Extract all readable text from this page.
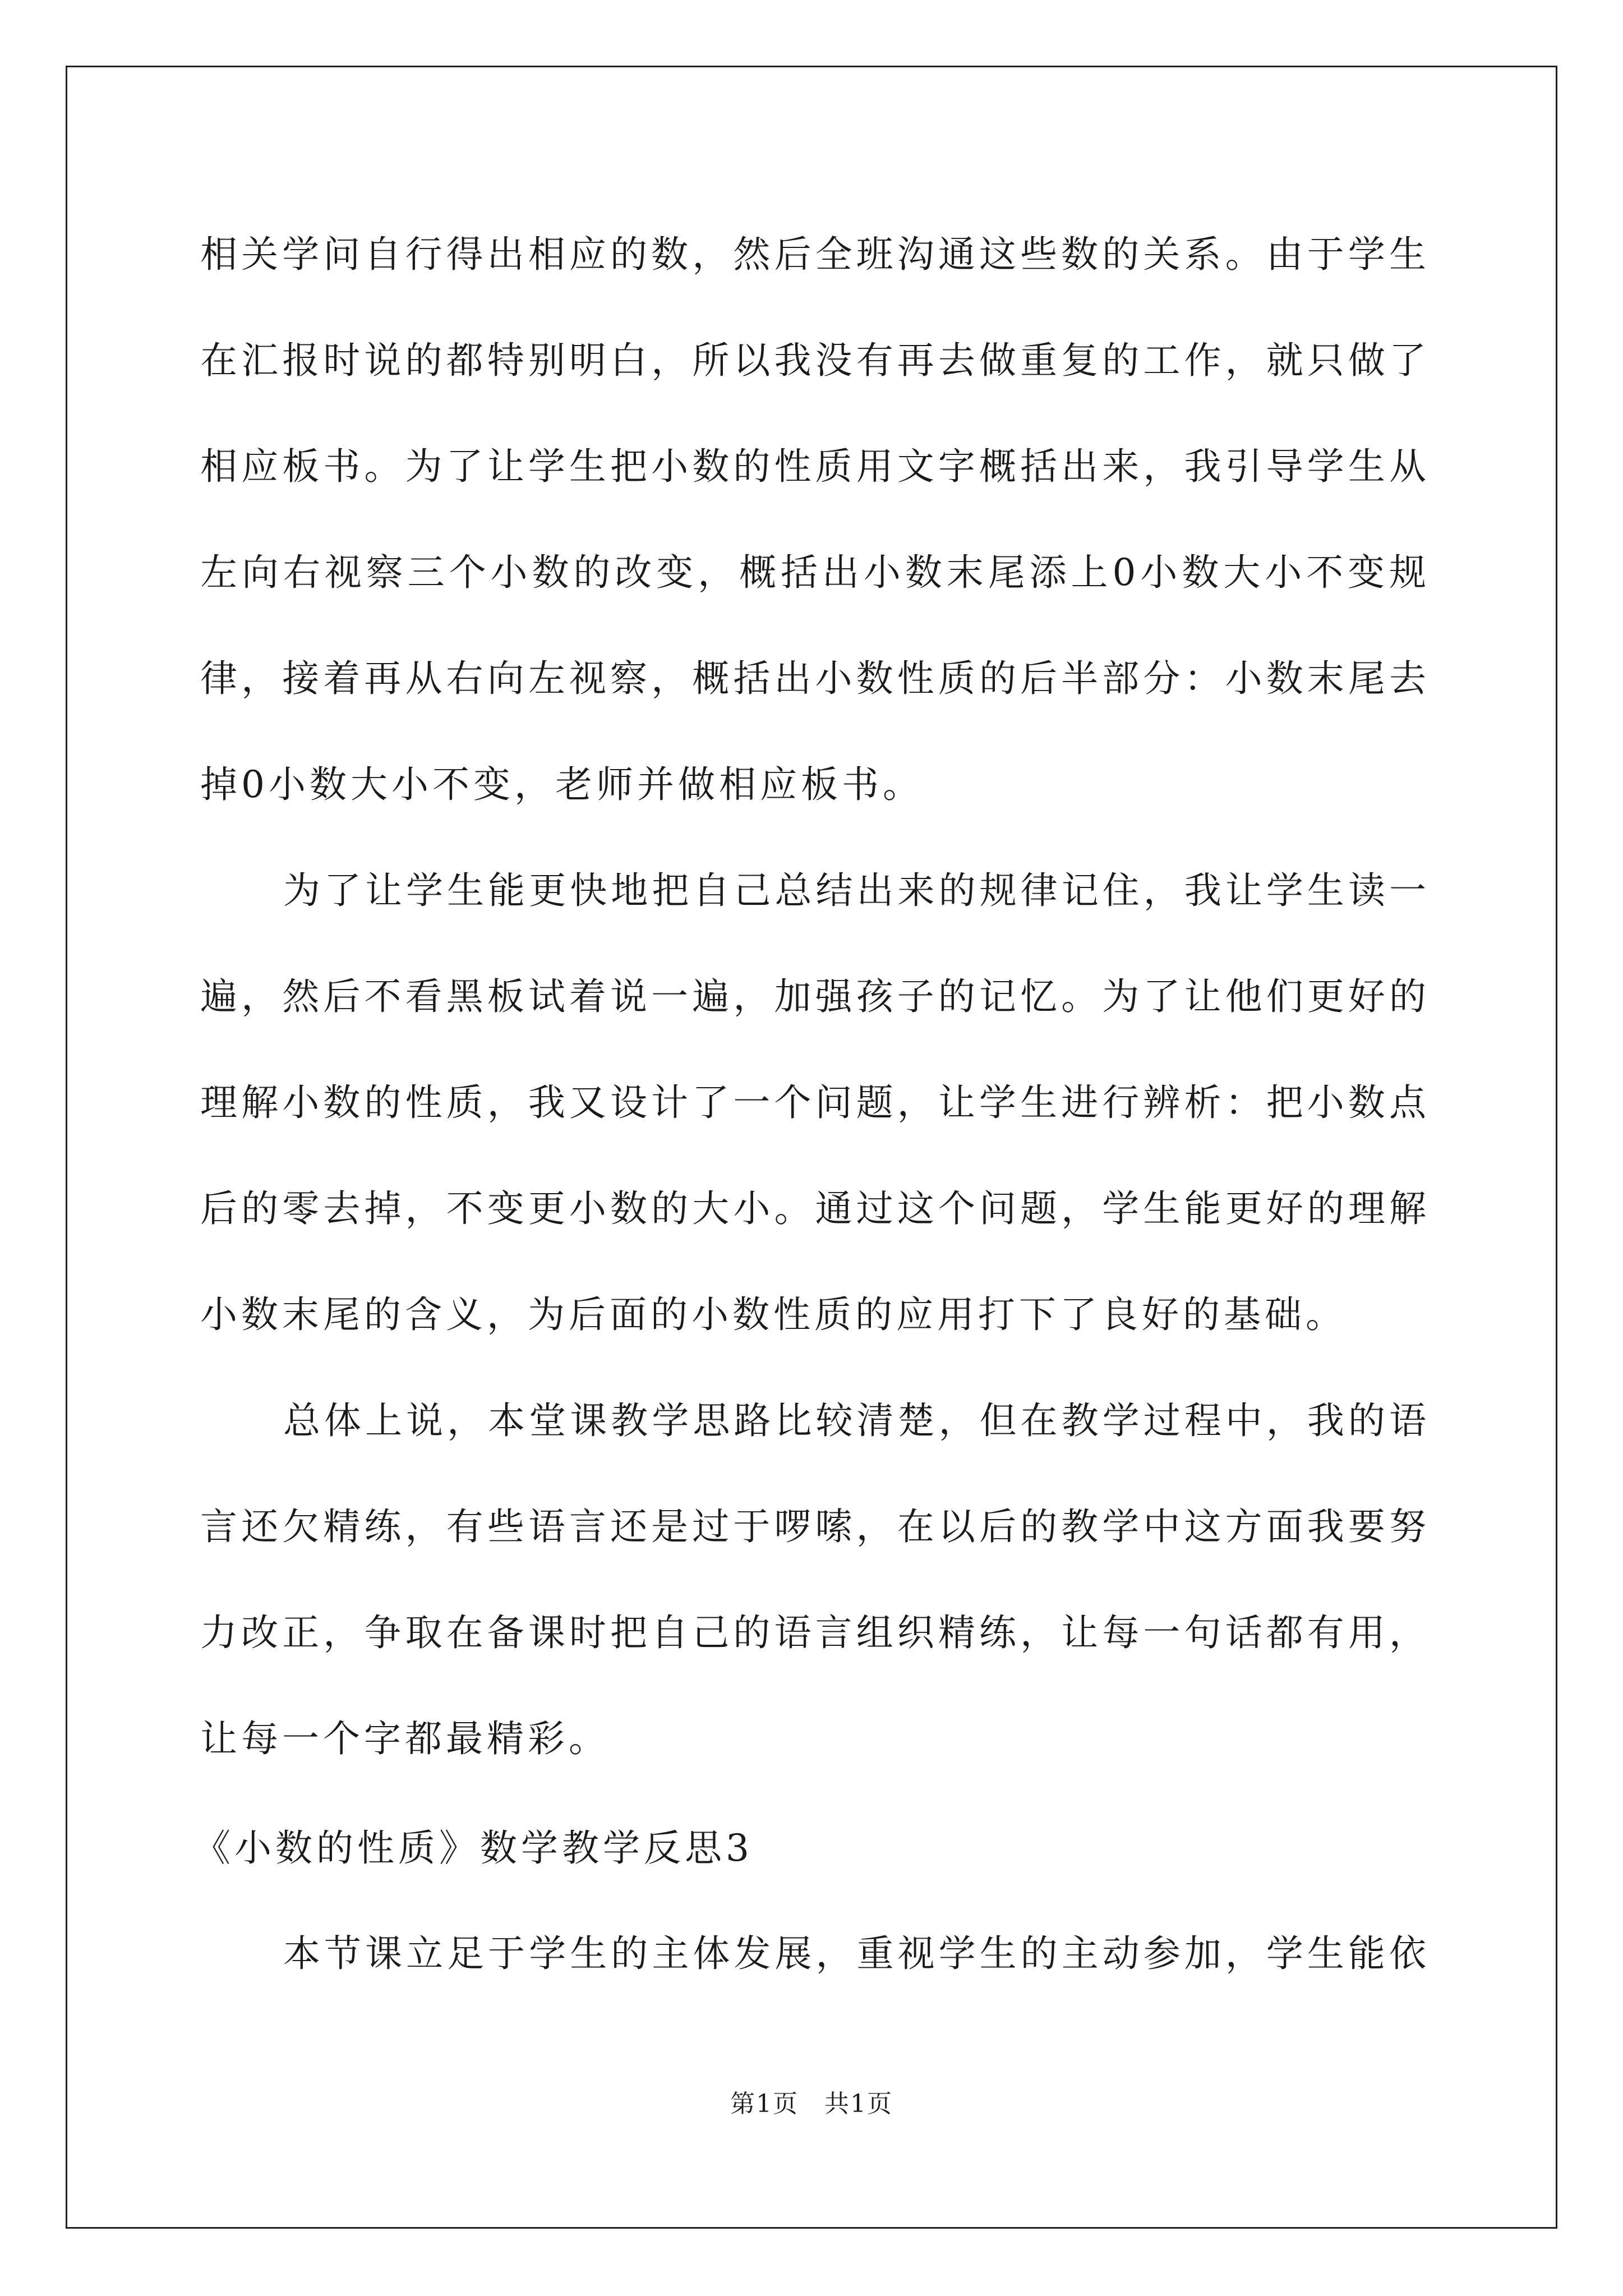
相关学问自行得出相应的数，然后全班沟通这些数的关系。由于学生
在汇报时说的都特别明白，所以我没有再去做重复的工作，就只做了
相应板书。为了让学生把小数的性质用文字概括出来，我引导学生从
左向右视察三个小数的改变，概括出小数末尾添上0小数大小不变规
律，接着再从右向左视察，概括出小数性质的后半部分：小数末尾去
掉0小数大小不变，老师并做相应板书。
为了让学生能更快地把自己总结出来的规律记住，我让学生读一
遍，然后不看黑板试着说一遍，加强孩子的记忆。为了让他们更好的
理解小数的性质，我又设计了一个问题，让学生进行辨析：把小数点
后的零去掉，不变更小数的大小。通过这个问题，学生能更好的理解
小数末尾的含义，为后面的小数性质的应用打下了良好的基础。
总体上说，本堂课教学思路比较清楚，但在教学过程中，我的语
言还欠精练，有些语言还是过于啰嗦，在以后的教学中这方面我要努
力改正，争取在备课时把自己的语言组织精练，让每一句话都有用，
让每一个字都最精彩。
《小数的性质》数学教学反思3
本节课立足于学生的主体发展，重视学生的主动参加，学生能依
第1页　共1页
